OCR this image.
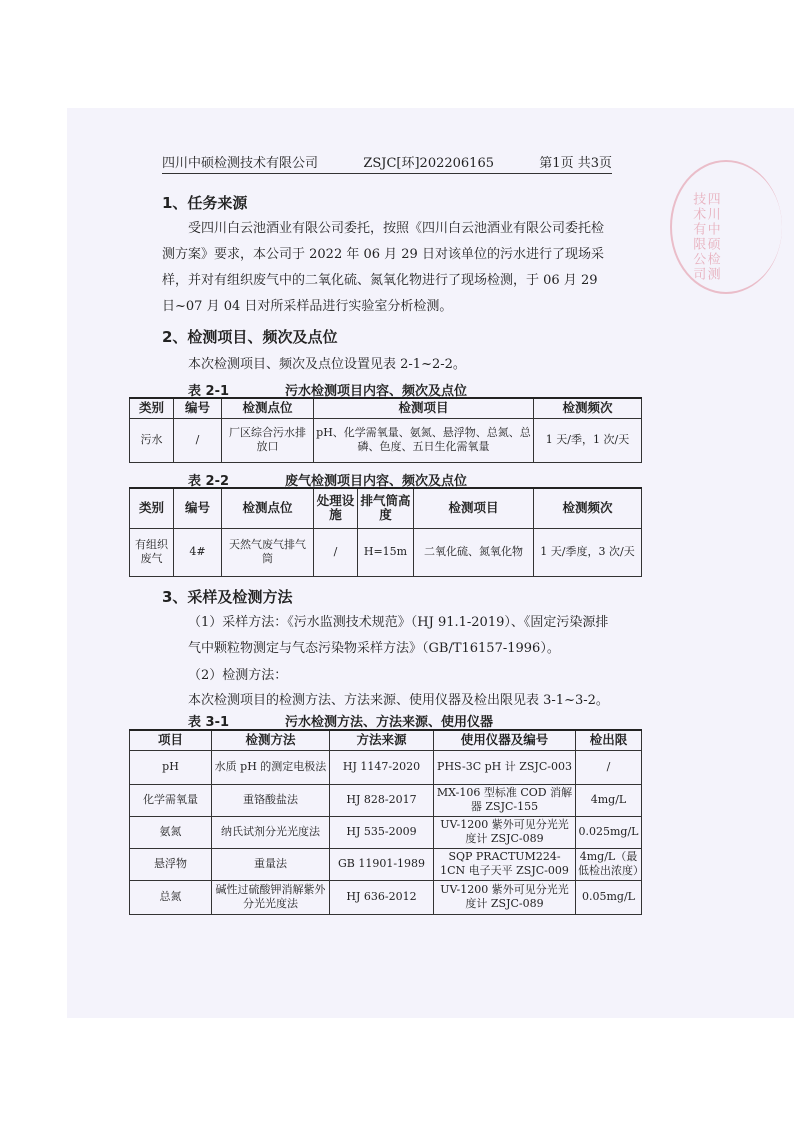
四川中硕检测技术有限公司
四川中硕检测技术有限公司	ZSJC[环]202206165	第1页 共3页
1、任务来源
受四川白云池酒业有限公司委托，按照《四川白云池酒业有限公司委托检测方案》要求，本公司于 2022 年 06 月 29 日对该单位的污水进行了现场采样，并对有组织废气中的二氧化硫、氮氧化物进行了现场检测，于 06 月 29 日~07 月 04 日对所采样品进行实验室分析检测。
2、检测项目、频次及点位
本次检测项目、频次及点位设置见表 2-1~2-2。
表 2-1	污水检测项目内容、频次及点位
类别	编号	检测点位	检测项目	检测频次
污水	/	厂区综合污水排放口	pH、化学需氧量、氨氮、悬浮物、总氮、总磷、色度、五日生化需氧量	1 天/季，1 次/天
表 2-2	废气检测项目内容、频次及点位
类别	编号	检测点位	处理设施	排气筒高度	检测项目	检测频次
有组织废气	4#	天然气废气排气筒	/	H=15m	二氧化硫、氮氧化物	1 天/季度，3 次/天
3、采样及检测方法
（1）采样方法：《污水监测技术规范》（HJ 91.1-2019）、《固定污染源排气中颗粒物测定与气态污染物采样方法》（GB/T16157-1996）。
（2）检测方法：
本次检测项目的检测方法、方法来源、使用仪器及检出限见表 3-1~3-2。
表 3-1	污水检测方法、方法来源、使用仪器
项目	检测方法	方法来源	使用仪器及编号	检出限
pH	水质 pH 的测定电极法	HJ 1147-2020	PHS-3C pH 计 ZSJC-003	/
化学需氧量	重铬酸盐法	HJ 828-2017	MX-106 型标准 COD 消解器 ZSJC-155	4mg/L
氨氮	纳氏试剂分光光度法	HJ 535-2009	UV-1200 紫外可见分光光度计 ZSJC-089	0.025mg/L
悬浮物	重量法	GB 11901-1989	SQP PRACTUM224-1CN 电子天平 ZSJC-009	4mg/L（最低检出浓度）
总氮	碱性过硫酸钾消解紫外分光光度法	HJ 636-2012	UV-1200 紫外可见分光光度计 ZSJC-089	0.05mg/L
